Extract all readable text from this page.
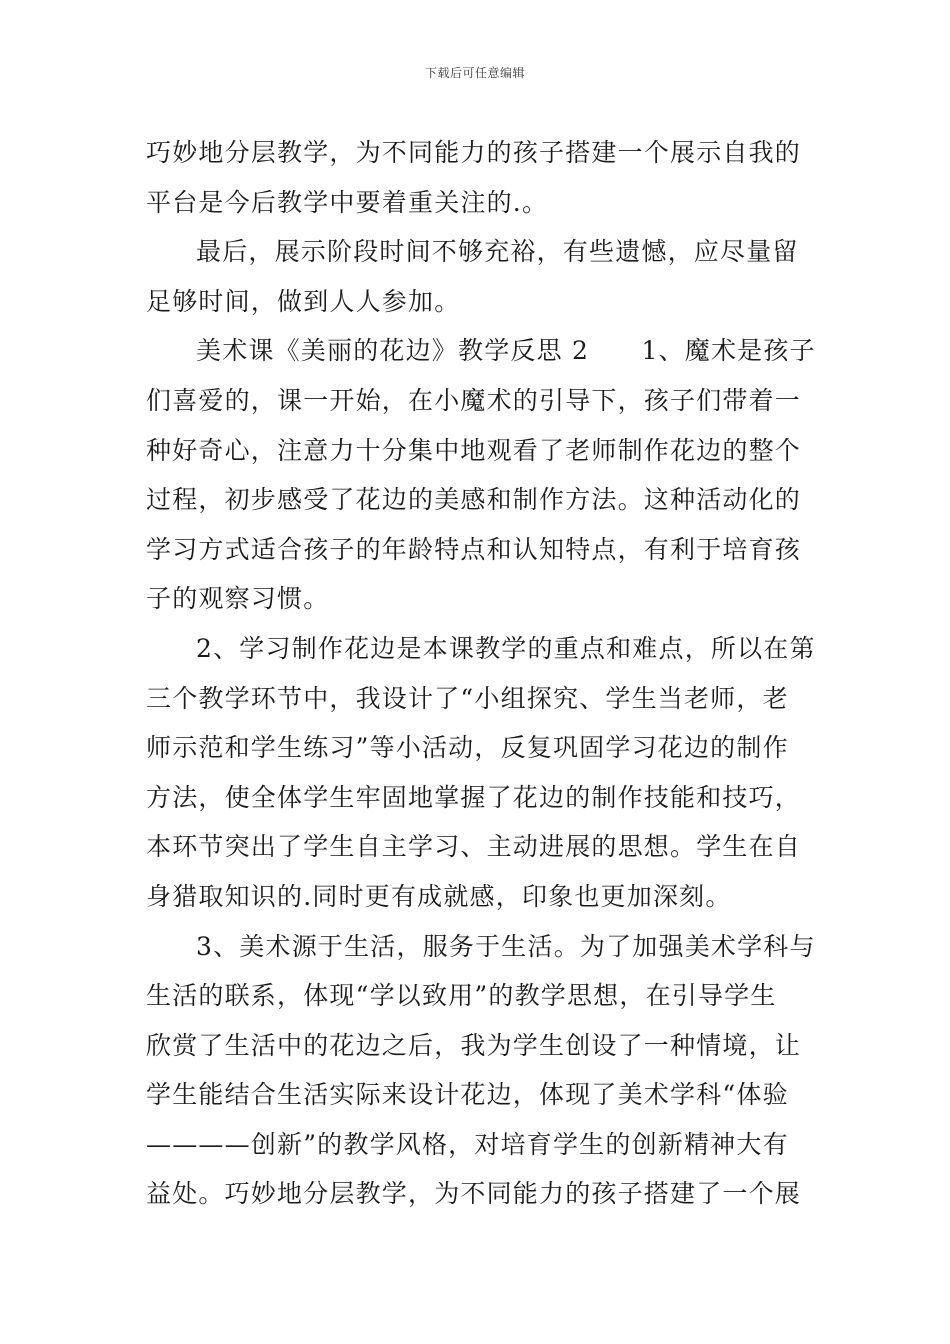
下载后可任意编辑
巧妙地分层教学，为不同能力的孩子搭建一个展示自我的
平台是今后教学中要着重关注的.。
最后，展示阶段时间不够充裕，有些遗憾，应尽量留
足够时间，做到人人参加。
美术课《美丽的花边》教学反思 2　　1、魔术是孩子
们喜爱的，课一开始，在小魔术的引导下，孩子们带着一
种好奇心，注意力十分集中地观看了老师制作花边的整个
过程，初步感受了花边的美感和制作方法。这种活动化的
学习方式适合孩子的年龄特点和认知特点，有利于培育孩
子的观察习惯。
2、学习制作花边是本课教学的重点和难点，所以在第
三个教学环节中，我设计了“小组探究、学生当老师，老
师示范和学生练习”等小活动，反复巩固学习花边的制作
方法，使全体学生牢固地掌握了花边的制作技能和技巧，
本环节突出了学生自主学习、主动进展的思想。学生在自
身猎取知识的.同时更有成就感，印象也更加深刻。
3、美术源于生活，服务于生活。为了加强美术学科与
生活的联系，体现“学以致用”的教学思想，在引导学生
欣赏了生活中的花边之后，我为学生创设了一种情境，让
学生能结合生活实际来设计花边，体现了美术学科“体验
————创新”的教学风格，对培育学生的创新精神大有
益处。巧妙地分层教学，为不同能力的孩子搭建了一个展
